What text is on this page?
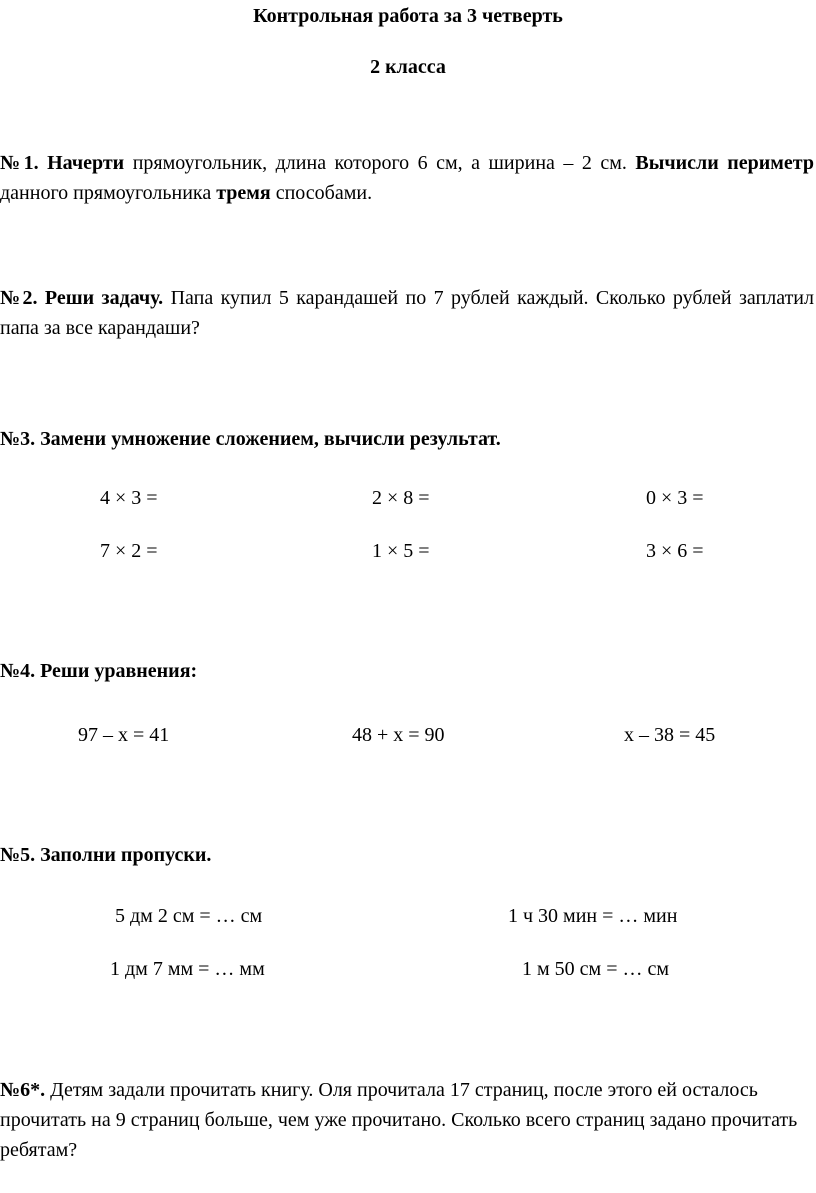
Контрольная работа за 3 четверть
2 класса
№1. Начерти прямоугольник, длина которого 6 см, а ширина – 2 см. Вычисли периметр данного прямоугольника тремя способами.
№2. Реши задачу. Папа купил 5 карандашей по 7 рублей каждый. Сколько рублей заплатил папа за все карандаши?
№3. Замени умножение сложением, вычисли результат.
4 × 3 =	2 × 8 =	0 × 3 =
7 × 2 =	1 × 5 =	3 × 6 =
№4. Реши уравнения:
97 – х = 41	48 + х = 90	х – 38 = 45
№5. Заполни пропуски.
5 дм 2 см = … см	1 ч 30 мин = … мин
1 дм 7 мм = … мм	1 м 50 см = … см
№6*. Детям задали прочитать книгу. Оля прочитала 17 страниц, после этого ей осталось прочитать на 9 страниц больше, чем уже прочитано. Сколько всего страниц задано прочитать ребятам?
